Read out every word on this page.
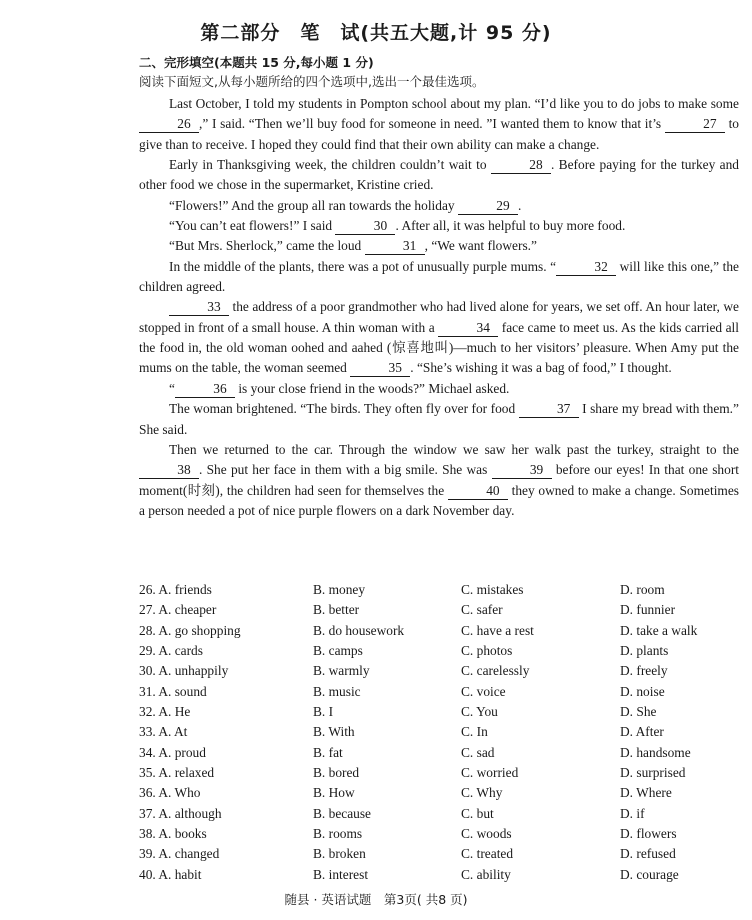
第二部分　笔　试(共五大题,计 95 分)
二、完形填空(本题共 15 分,每小题 1 分)
阅读下面短文,从每小题所给的四个选项中,选出一个最佳选项。

Last October, I told my students in Pompton school about my plan. “I’d like you to do jobs to make some 26 ,” I said. “Then we’ll buy food for someone in need. ”I wanted them to know that it’s	27 to give than to receive. I hoped they could find that their own ability can make a change.

Early in Thanksgiving week, the children couldn’t wait to	28 . Before paying for the turkey and other food we chose in the supermarket, Kristine cried.

“Flowers!” And the group all ran towards the holiday	29 .

“You can’t eat flowers!” I said	30 . After all, it was helpful to buy more food.

“But Mrs. Sherlock,” came the loud	31 , “We want flowers.”

In the middle of the plants, there was a pot of unusually purple mums. “	32 will like this one,” the children agreed.

33 the address of a poor grandmother who had lived alone for years, we set off. An hour later, we stopped in front of a small house. A thin woman with a	34 face came to meet us. As the kids carried all the food in, the old woman oohed and aahed (惊喜地叫)—much to her visitors’ pleasure. When Amy put the mums on the table, the woman seemed	35 . “She’s wishing it was a bag of food,” I thought.

“	36 is your close friend in the woods?” Michael asked.

The woman brightened. “The birds. They often fly over for food	37 I share my bread with them.” She said.

Then we returned to the car. Through the window we saw her walk past the turkey, straight to the 38 . She put her face in them with a big smile. She was	39 before our eyes! In that one short moment(时刻), the children had seen for themselves the	40 they owned to make a change. Sometimes a person needed a pot of nice purple flowers on a dark November day.

26. A. friends	B. money	C. mistakes	D. room
27. A. cheaper	B. better	C. safer	D. funnier
28. A. go shopping	B. do housework	C. have a rest	D. take a walk
29. A. cards	B. camps	C. photos	D. plants
30. A. unhappily	B. warmly	C. carelessly	D. freely
31. A. sound	B. music	C. voice	D. noise
32. A. He	B. I	C. You	D. She
33. A. At	B. With	C. In	D. After
34. A. proud	B. fat	C. sad	D. handsome
35. A. relaxed	B. bored	C. worried	D. surprised
36. A. Who	B. How	C. Why	D. Where
37. A. although	B. because	C. but	D. if
38. A. books	B. rooms	C. woods	D. flowers
39. A. changed	B. broken	C. treated	D. refused
40. A. habit	B. interest	C. ability	D. courage
随县 · 英语试题　第3页( 共8 页)
